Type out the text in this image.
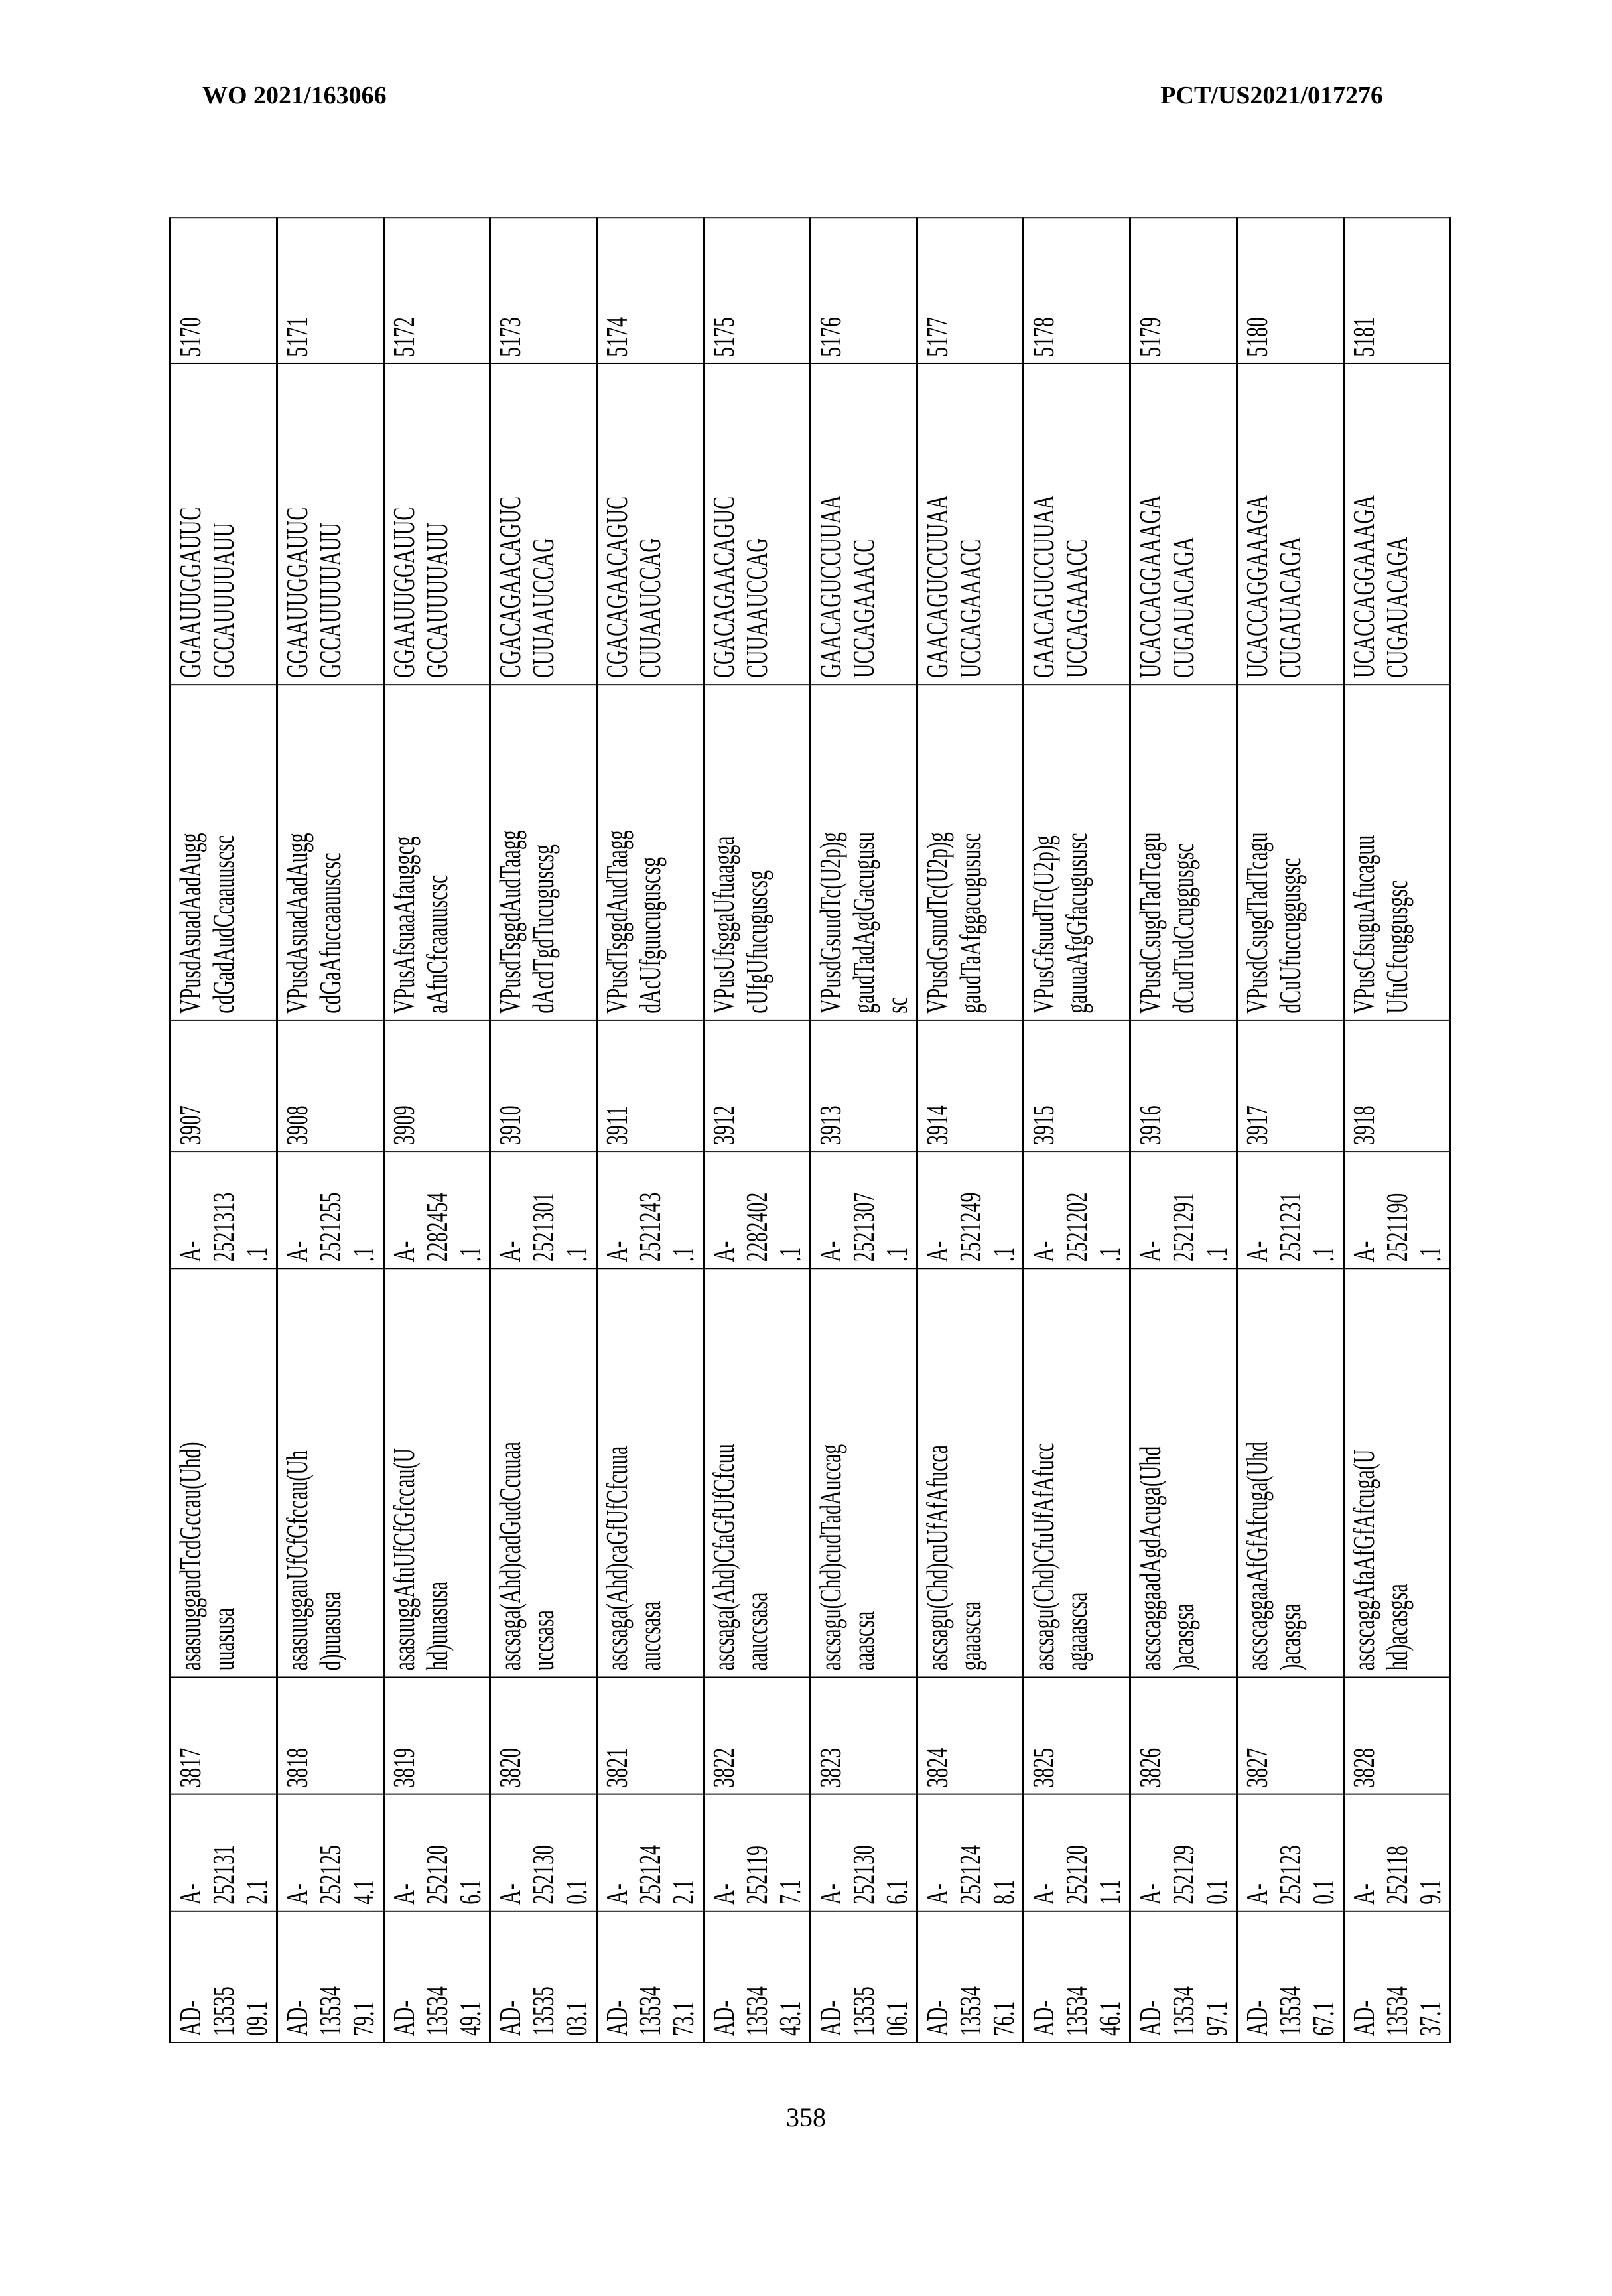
WO 2021/163066	PCT/US2021/017276
AD-1353509.1

A-2521312.1

3817

asasuuggaudTcdGccau(Uhd)uuasusa

A-2521313.1

3907

VPusdAsuadAadAuggcdGadAudCcaauuscsc

GGAAUUGGAUUCGCCAUUUUAUU

5170

AD-1353479.1

A-2521254.1

3818

asasuuggauUfCfGfccau(Uhd)uuasusa

A-2521255.1

3908

VPusdAsuadAadAuggcdGaAfuccaauuscsc

GGAAUUGGAUUCGCCAUUUUAUU

5171

AD-1353449.1

A-2521206.1

3819

asasuuggAfuUfCfGfccau(Uhd)uuasusa

A-2282454.1

3909

VPusAfsuaaAfauggcgaAfuCfcaauuscsc

GGAAUUGGAUUCGCCAUUUUAUU

5172

AD-1353503.1

A-2521300.1

3820

ascsaga(Ahd)cadGudCcuuaauccsasa

A-2521301.1

3910

VPusdTsggdAudTaaggdAcdTgdTucuguscsg

CGACAGAACAGUCCUUAAUCCAG

5173

AD-1353473.1

A-2521242.1

3821

ascsaga(Ahd)caGfUfCfcuuaauccsasa

A-2521243.1

3911

VPusdTsggdAudTaaggdAcUfguucuguscsg

CGACAGAACAGUCCUUAAUCCAG

5174

AD-1353443.1

A-2521197.1

3822

ascsaga(Ahd)CfaGfUfCfcuuaauccsasa

A-2282402.1

3912

VPusUfsggaUfuaaggacUfgUfucuguscsg

CGACAGAACAGUCCUUAAUCCAG

5175

AD-1353506.1

A-2521306.1

3823

ascsagu(Chd)cudTadAuccagaaascsa

A-2521307.1

3913

VPusdGsuudTc(U2p)ggaudTadAgdGacugususc

GAACAGUCCUUAAUCCAGAAACC

5176

AD-1353476.1

A-2521248.1

3824

ascsagu(Chd)cuUfAfAfuccagaaascsa

A-2521249.1

3914

VPusdGsuudTc(U2p)ggaudTaAfggacugususc

GAACAGUCCUUAAUCCAGAAACC

5177

AD-1353446.1

A-2521201.1

3825

ascsagu(Chd)CfuUfAfAfuccagaaascsa

A-2521202.1

3915

VPusGfsuudTc(U2p)ggauuaAfgGfacugususc

GAACAGUCCUUAAUCCAGAAACC

5178

AD-1353497.1

A-2521290.1

3826

ascscaggaadAgdAcuga(Uhd)acasgsa

A-2521291.1

3916

VPusdCsugdTadTcagudCudTudCcuggusgsc

UCACCAGGAAAGACUGAUACAGA

5179

AD-1353467.1

A-2521230.1

3827

ascscaggaaAfGfAfcuga(Uhd)acasgsa

A-2521231.1

3917

VPusdCsugdTadTcagudCuUfuccuggusgsc

UCACCAGGAAAGACUGAUACAGA

5180

AD-1353437.1

A-2521189.1

3828

ascscaggAfaAfGfAfcuga(Uhd)acasgsa

A-2521190.1

3918

VPusCfsuguAfucaguuUfuCfcuggusgsc

UCACCAGGAAAGACUGAUACAGA

5181
358
